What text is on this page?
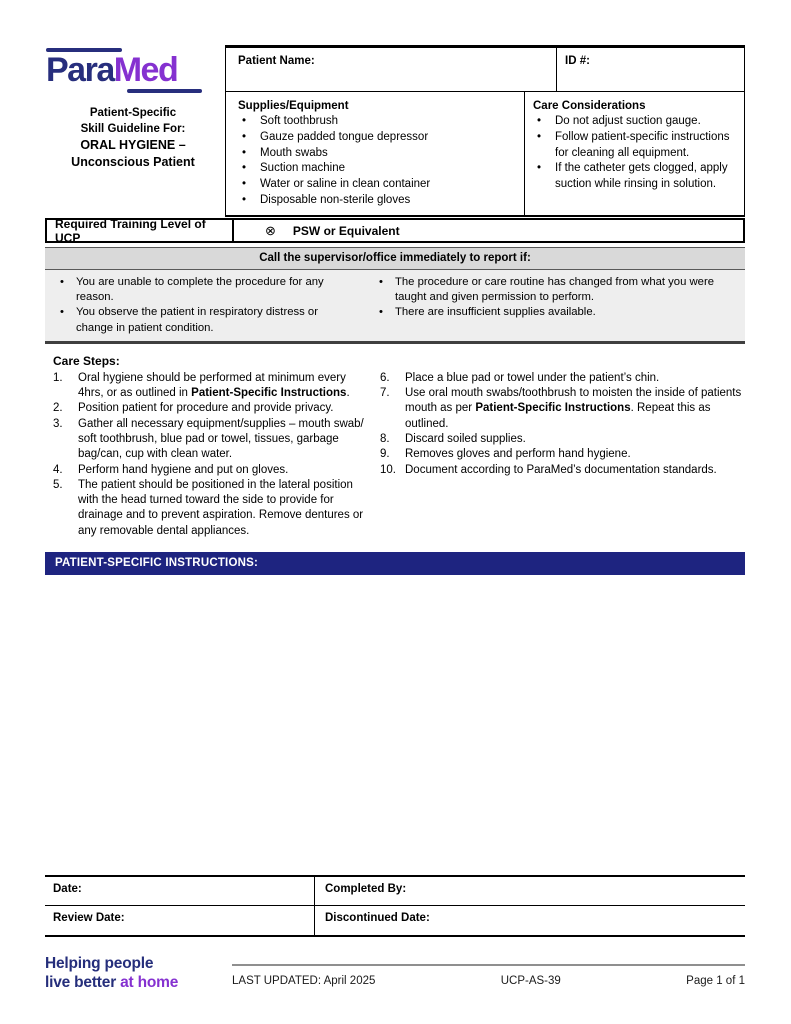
ParaMed
Patient-Specific
Skill Guideline For:
ORAL HYGIENE –
Unconscious Patient
Patient Name:	ID #:
Supplies/Equipment
•	Soft toothbrush
•	Gauze padded tongue depressor
•	Mouth swabs
•	Suction machine
•	Water or saline in clean container
•	Disposable non-sterile gloves
Care Considerations
•	Do not adjust suction gauge.
•	Follow patient-specific instructions for cleaning all equipment.
•	If the catheter gets clogged, apply suction while rinsing in solution.
Required Training Level of UCP	⊗ PSW or Equivalent
Call the supervisor/office immediately to report if:
•	You are unable to complete the procedure for any reason.
•	You observe the patient in respiratory distress or change in patient condition.
•	The procedure or care routine has changed from what you were taught and given permission to perform.
•	There are insufficient supplies available.
Care Steps:
1.	Oral hygiene should be performed at minimum every 4hrs, or as outlined in Patient-Specific Instructions.
2.	Position patient for procedure and provide privacy.
3.	Gather all necessary equipment/supplies – mouth swab/ soft toothbrush, blue pad or towel, tissues, garbage bag/can, cup with clean water.
4.	Perform hand hygiene and put on gloves.
5.	The patient should be positioned in the lateral position with the head turned toward the side to provide for drainage and to prevent aspiration. Remove dentures or any removable dental appliances.
6.	Place a blue pad or towel under the patient’s chin.
7.	Use oral mouth swabs/toothbrush to moisten the inside of patients mouth as per Patient-Specific Instructions. Repeat this as outlined.
8.	Discard soiled supplies.
9.	Removes gloves and perform hand hygiene.
10. Document according to ParaMed’s documentation standards.
PATIENT-SPECIFIC INSTRUCTIONS:
Date:	Completed By:
Review Date:	Discontinued Date:
Helping people
live better at home	LAST UPDATED: April 2025	UCP-AS-39	Page 1 of 1
